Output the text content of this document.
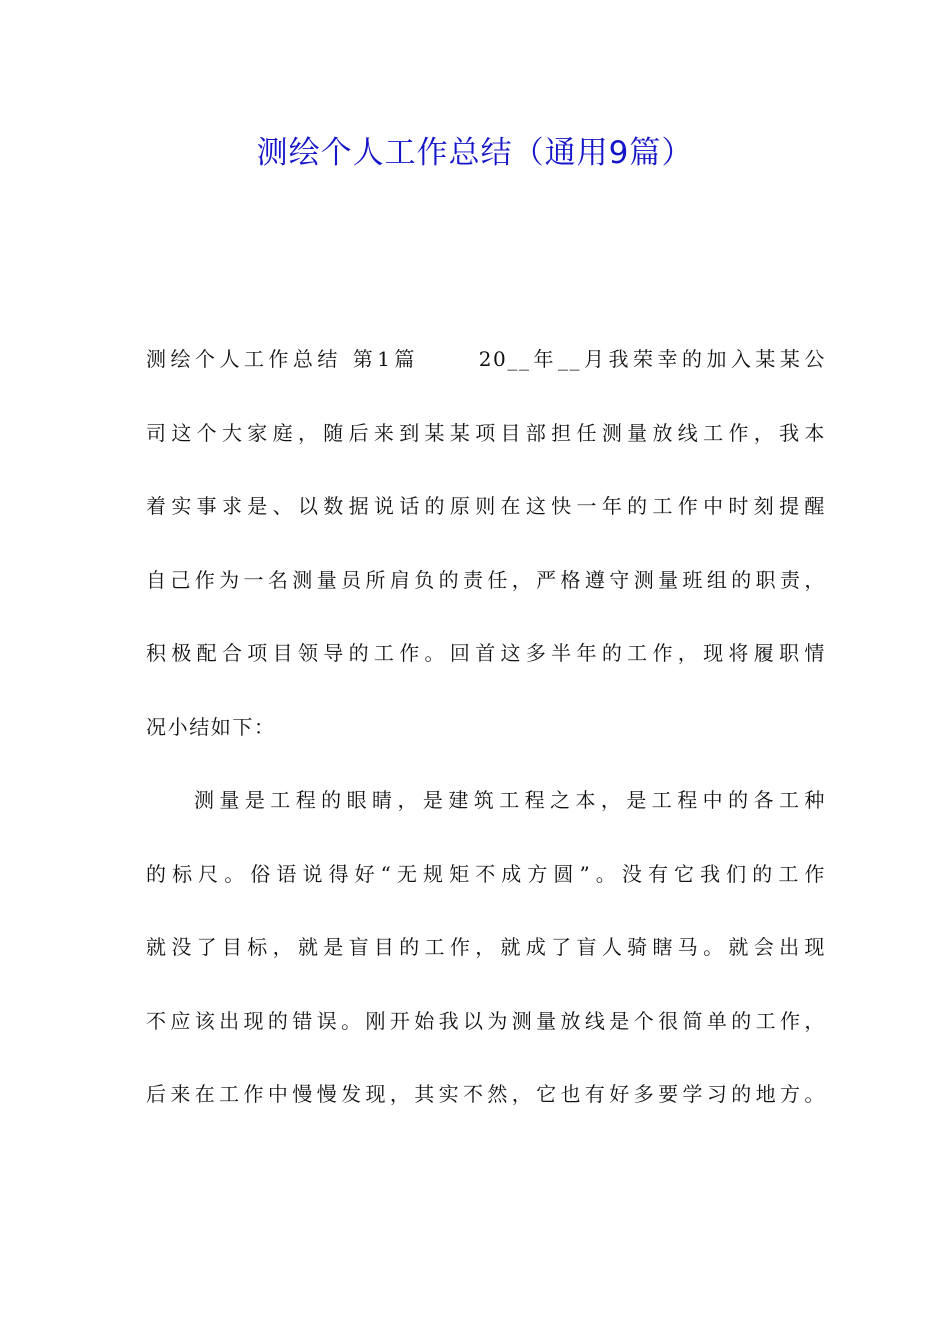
测绘个人工作总结（通用9篇）
测绘个人工作总结 第1篇　　 20__年__月我荣幸的加入某某公
司这个大家庭，随后来到某某项目部担任测量放线工作，我本
着实事求是、以数据说话的原则在这快一年的工作中时刻提醒
自己作为一名测量员所肩负的责任，严格遵守测量班组的职责，
积极配合项目领导的工作。回首这多半年的工作，现将履职情
况小结如下：
测量是工程的眼睛，是建筑工程之本，是工程中的各工种
的标尺。俗语说得好“无规矩不成方圆”。没有它我们的工作
就没了目标，就是盲目的工作，就成了盲人骑瞎马。就会出现
不应该出现的错误。刚开始我以为测量放线是个很简单的工作，
后来在工作中慢慢发现，其实不然，它也有好多要学习的地方。
